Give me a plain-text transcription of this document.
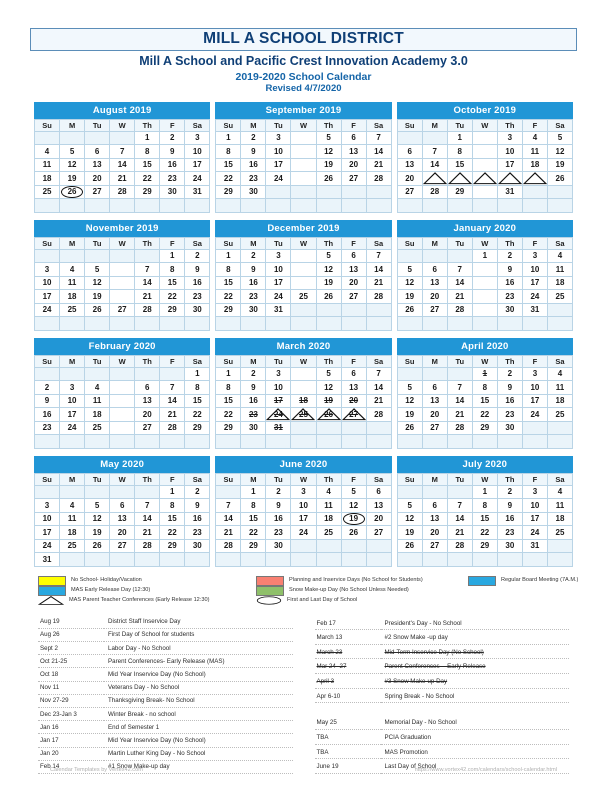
MILL A SCHOOL DISTRICT
Mill A School and Pacific Crest Innovation Academy 3.0
2019-2020 School Calendar
Revised 4/7/2020
August 2019
Su	M	Tu	W	Th	F	Sa
				1	2	3
4	5	6	7	8	9	10
11	12	13	14	15	16	17
18	19	20	21	22	23	24
25	26	27	28	29	30	31

September 2019
Su	M	Tu	W	Th	F	Sa
1	2	3	4	5	6	7
8	9	10	11	12	13	14
15	16	17	18	19	20	21
22	23	24	25	26	27	28
29	30					

October 2019
Su	M	Tu	W	Th	F	Sa
		1	2	3	4	5
6	7	8	9	10	11	12
13	14	15	16	17	18	19
20	21	22	23	24	25	26
27	28	29	30	31		

November 2019
Su	M	Tu	W	Th	F	Sa
					1	2
3	4	5	6	7	8	9
10	11	12	13	14	15	16
17	18	19	20	21	22	23
24	25	26	27	28	29	30

December 2019
Su	M	Tu	W	Th	F	Sa
1	2	3	4	5	6	7
8	9	10	11	12	13	14
15	16	17	18	19	20	21
22	23	24	25	26	27	28
29	30	31				

January 2020
Su	M	Tu	W	Th	F	Sa
			1	2	3	4
5	6	7	8	9	10	11
12	13	14	15	16	17	18
19	20	21	22	23	24	25
26	27	28	29	30	31	

February 2020
Su	M	Tu	W	Th	F	Sa
						1
2	3	4	5	6	7	8
9	10	11	12	13	14	15
16	17	18	19	20	21	22
23	24	25	26	27	28	29

March 2020
Su	M	Tu	W	Th	F	Sa
1	2	3	4	5	6	7
8	9	10	11	12	13	14
15	16	17	18	19	20	21
22	23	24	25	26	27	28
29	30	31				

April 2020
Su	M	Tu	W	Th	F	Sa
			1	2	3	4
5	6	7	8	9	10	11
12	13	14	15	16	17	18
19	20	21	22	23	24	25
26	27	28	29	30		

May 2020
Su	M	Tu	W	Th	F	Sa
					1	2
3	4	5	6	7	8	9
10	11	12	13	14	15	16
17	18	19	20	21	22	23
24	25	26	27	28	29	30
31						
June 2020
Su	M	Tu	W	Th	F	Sa
	1	2	3	4	5	6
7	8	9	10	11	12	13
14	15	16	17	18	19	20
21	22	23	24	25	26	27
28	29	30				

July 2020
Su	M	Tu	W	Th	F	Sa
			1	2	3	4
5	6	7	8	9	10	11
12	13	14	15	16	17	18
19	20	21	22	23	24	25
26	27	28	29	30	31	

No School- Holiday/Vacation
MAS Early Release Day (12:30)
MAS Parent Teacher Conferences (Early Release 12:30)
Planning and Inservice Days (No School for Students)
Snow Make-up Day (No School Unless Needed)
First and Last Day of School
Regular Board Meeting (7A.M.)
Aug 19	District Staff Inservice Day
Aug 26	First Day of School for students
Sept 2	Labor Day - No School
Oct 21-25	Parent Conferences- Early Release (MAS)
Oct 18	Mid Year Inservice Day (No School)
Nov 11	Veterans Day - No School
Nov 27-29	Thanksgiving Break- No School
Dec 23-Jan 3	Winter Break - no school
Jan 16	End of Semester 1
Jan 17	Mid Year Inservice Day (No School)
Jan 20	Martin Luther King Day - No School
Feb 14	#1 Snow Make-up day
Feb 17	President's Day - No School
March 13	#2 Snow Make -up day
March 23	Mid-Term Inservice Day (No School)
Mar 24- 27	Parent Conferences -- Early Release
April 3	#3 Snow Make-up Day
Apr 6-10	Spring Break - No School

May 25	Memorial Day - No School
TBA	PCIA Graduation
TBA	MAS Promotion
June 19	Last Day of School
Calendar Templates by Vertex42.com	https://www.vortex42.com/calendars/school-calendar.html
